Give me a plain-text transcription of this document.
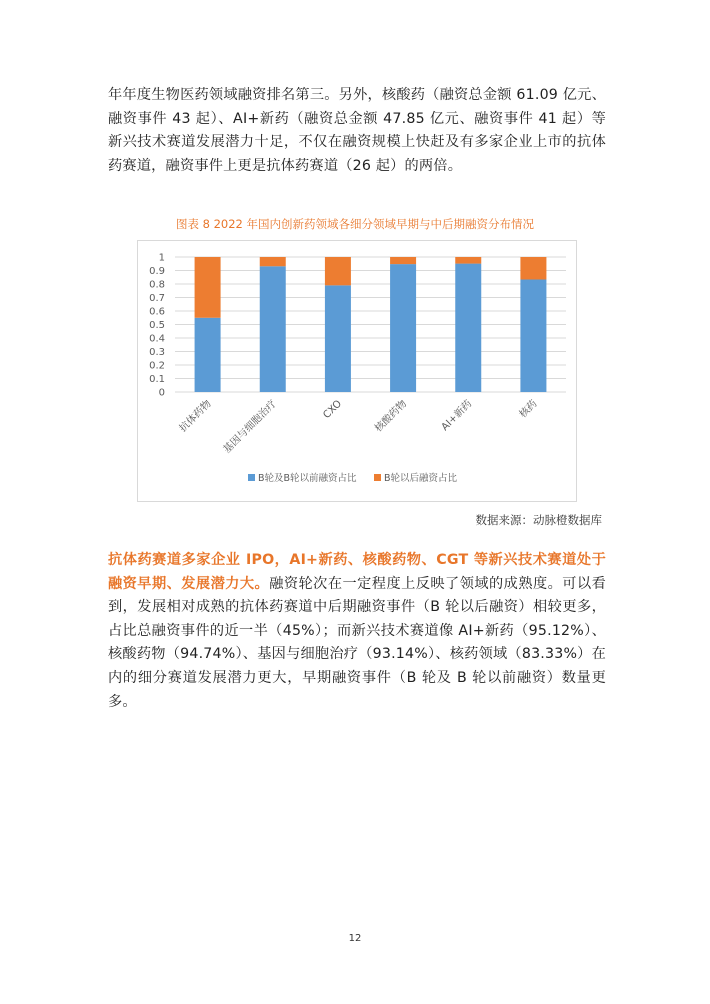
年年度生物医药领域融资排名第三。另外，核酸药（融资总金额 61.09 亿元、融资事件 43 起）、AI+新药（融资总金额 47.85 亿元、融资事件 41 起）等新兴技术赛道发展潜力十足，不仅在融资规模上快赶及有多家企业上市的抗体药赛道，融资事件上更是抗体药赛道（26 起）的两倍。

图表 8 2022 年国内创新药领域各细分领域早期与中后期融资分布情况
0
0.1
0.2
0.3
0.4
0.5
0.6
0.7
0.8
0.9
1
抗体药物 基因与细胞治疗	CXO	核酸药物	AI+新药	核药
B轮及B轮以前融资占比	B轮以后融资占比
数据来源：动脉橙数据库
抗体药赛道多家企业 IPO，AI+新药、核酸药物、CGT 等新兴技术赛道处于融资早期、发展潜力大。融资轮次在一定程度上反映了领域的成熟度。可以看到，发展相对成熟的抗体药赛道中后期融资事件（B 轮以后融资）相较更多，占比总融资事件的近一半（45%）；而新兴技术赛道像 AI+新药（95.12%）、核酸药物（94.74%）、基因与细胞治疗（93.14%）、核药领域（83.33%）在内的细分赛道发展潜力更大，早期融资事件（B 轮及 B 轮以前融资）数量更多。
12
